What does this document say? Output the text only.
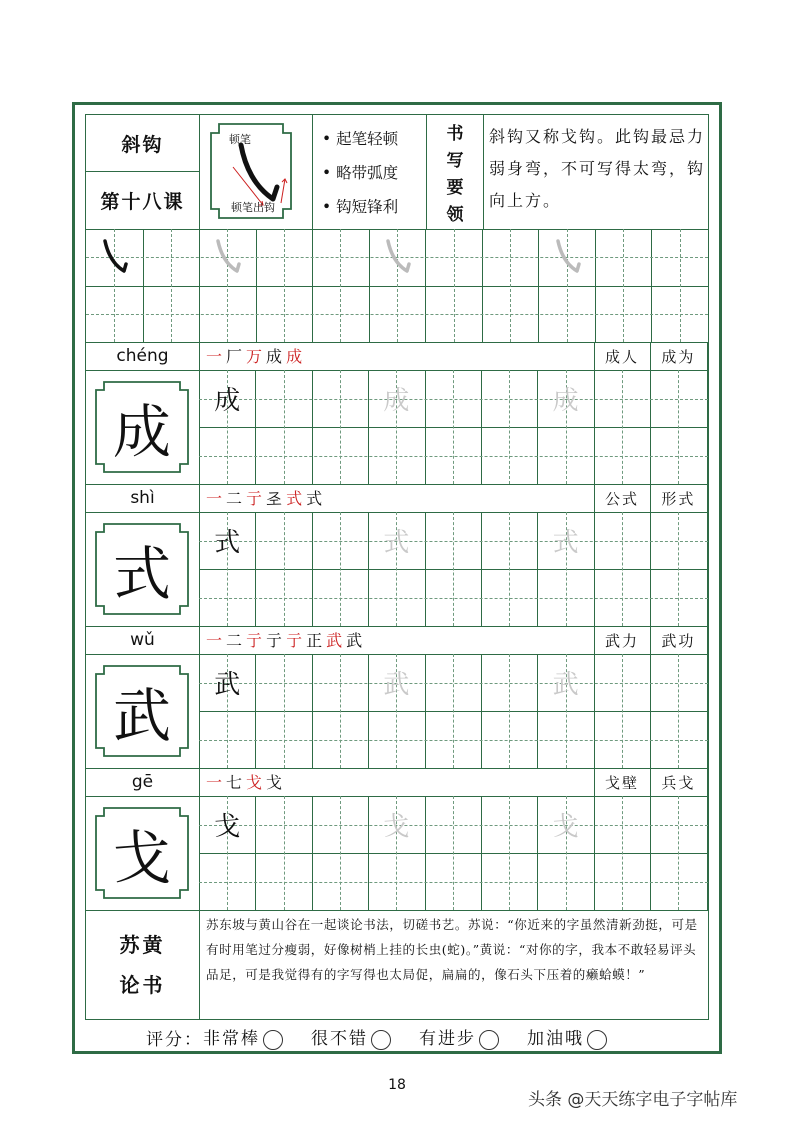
斜钩
第十八课
顿笔
顿笔出钩
• 起笔轻顿
• 略带弧度
• 钩短锋利
书
写
要
领
斜钩又称戈钩。此钩最忌力弱身弯，不可写得太弯，钩向上方。
chéng	一厂万成成	成人	成为
成	成	成	成
shì	一二亍𢀖式式	公式	形式
式	式	式	式
wǔ	一二亍亍亍正武武	武力	武功
武	武	武	武
gē	一七戈戈	戈壁	兵戈
戈	戈	戈	戈
苏黄
论书
苏东坡与黄山谷在一起谈论书法，切磋书艺。苏说：“你近来的字虽然清新劲挺，可是有时用笔过分瘦弱，好像树梢上挂的长虫(蛇)。”黄说：“对你的字，我本不敢轻易评头品足，可是我觉得有的字写得也太局促，扁扁的，像石头下压着的癞蛤蟆！”
评分： 非常棒	很不错	有进步	加油哦
18
头条 @天天练字电子字帖库
